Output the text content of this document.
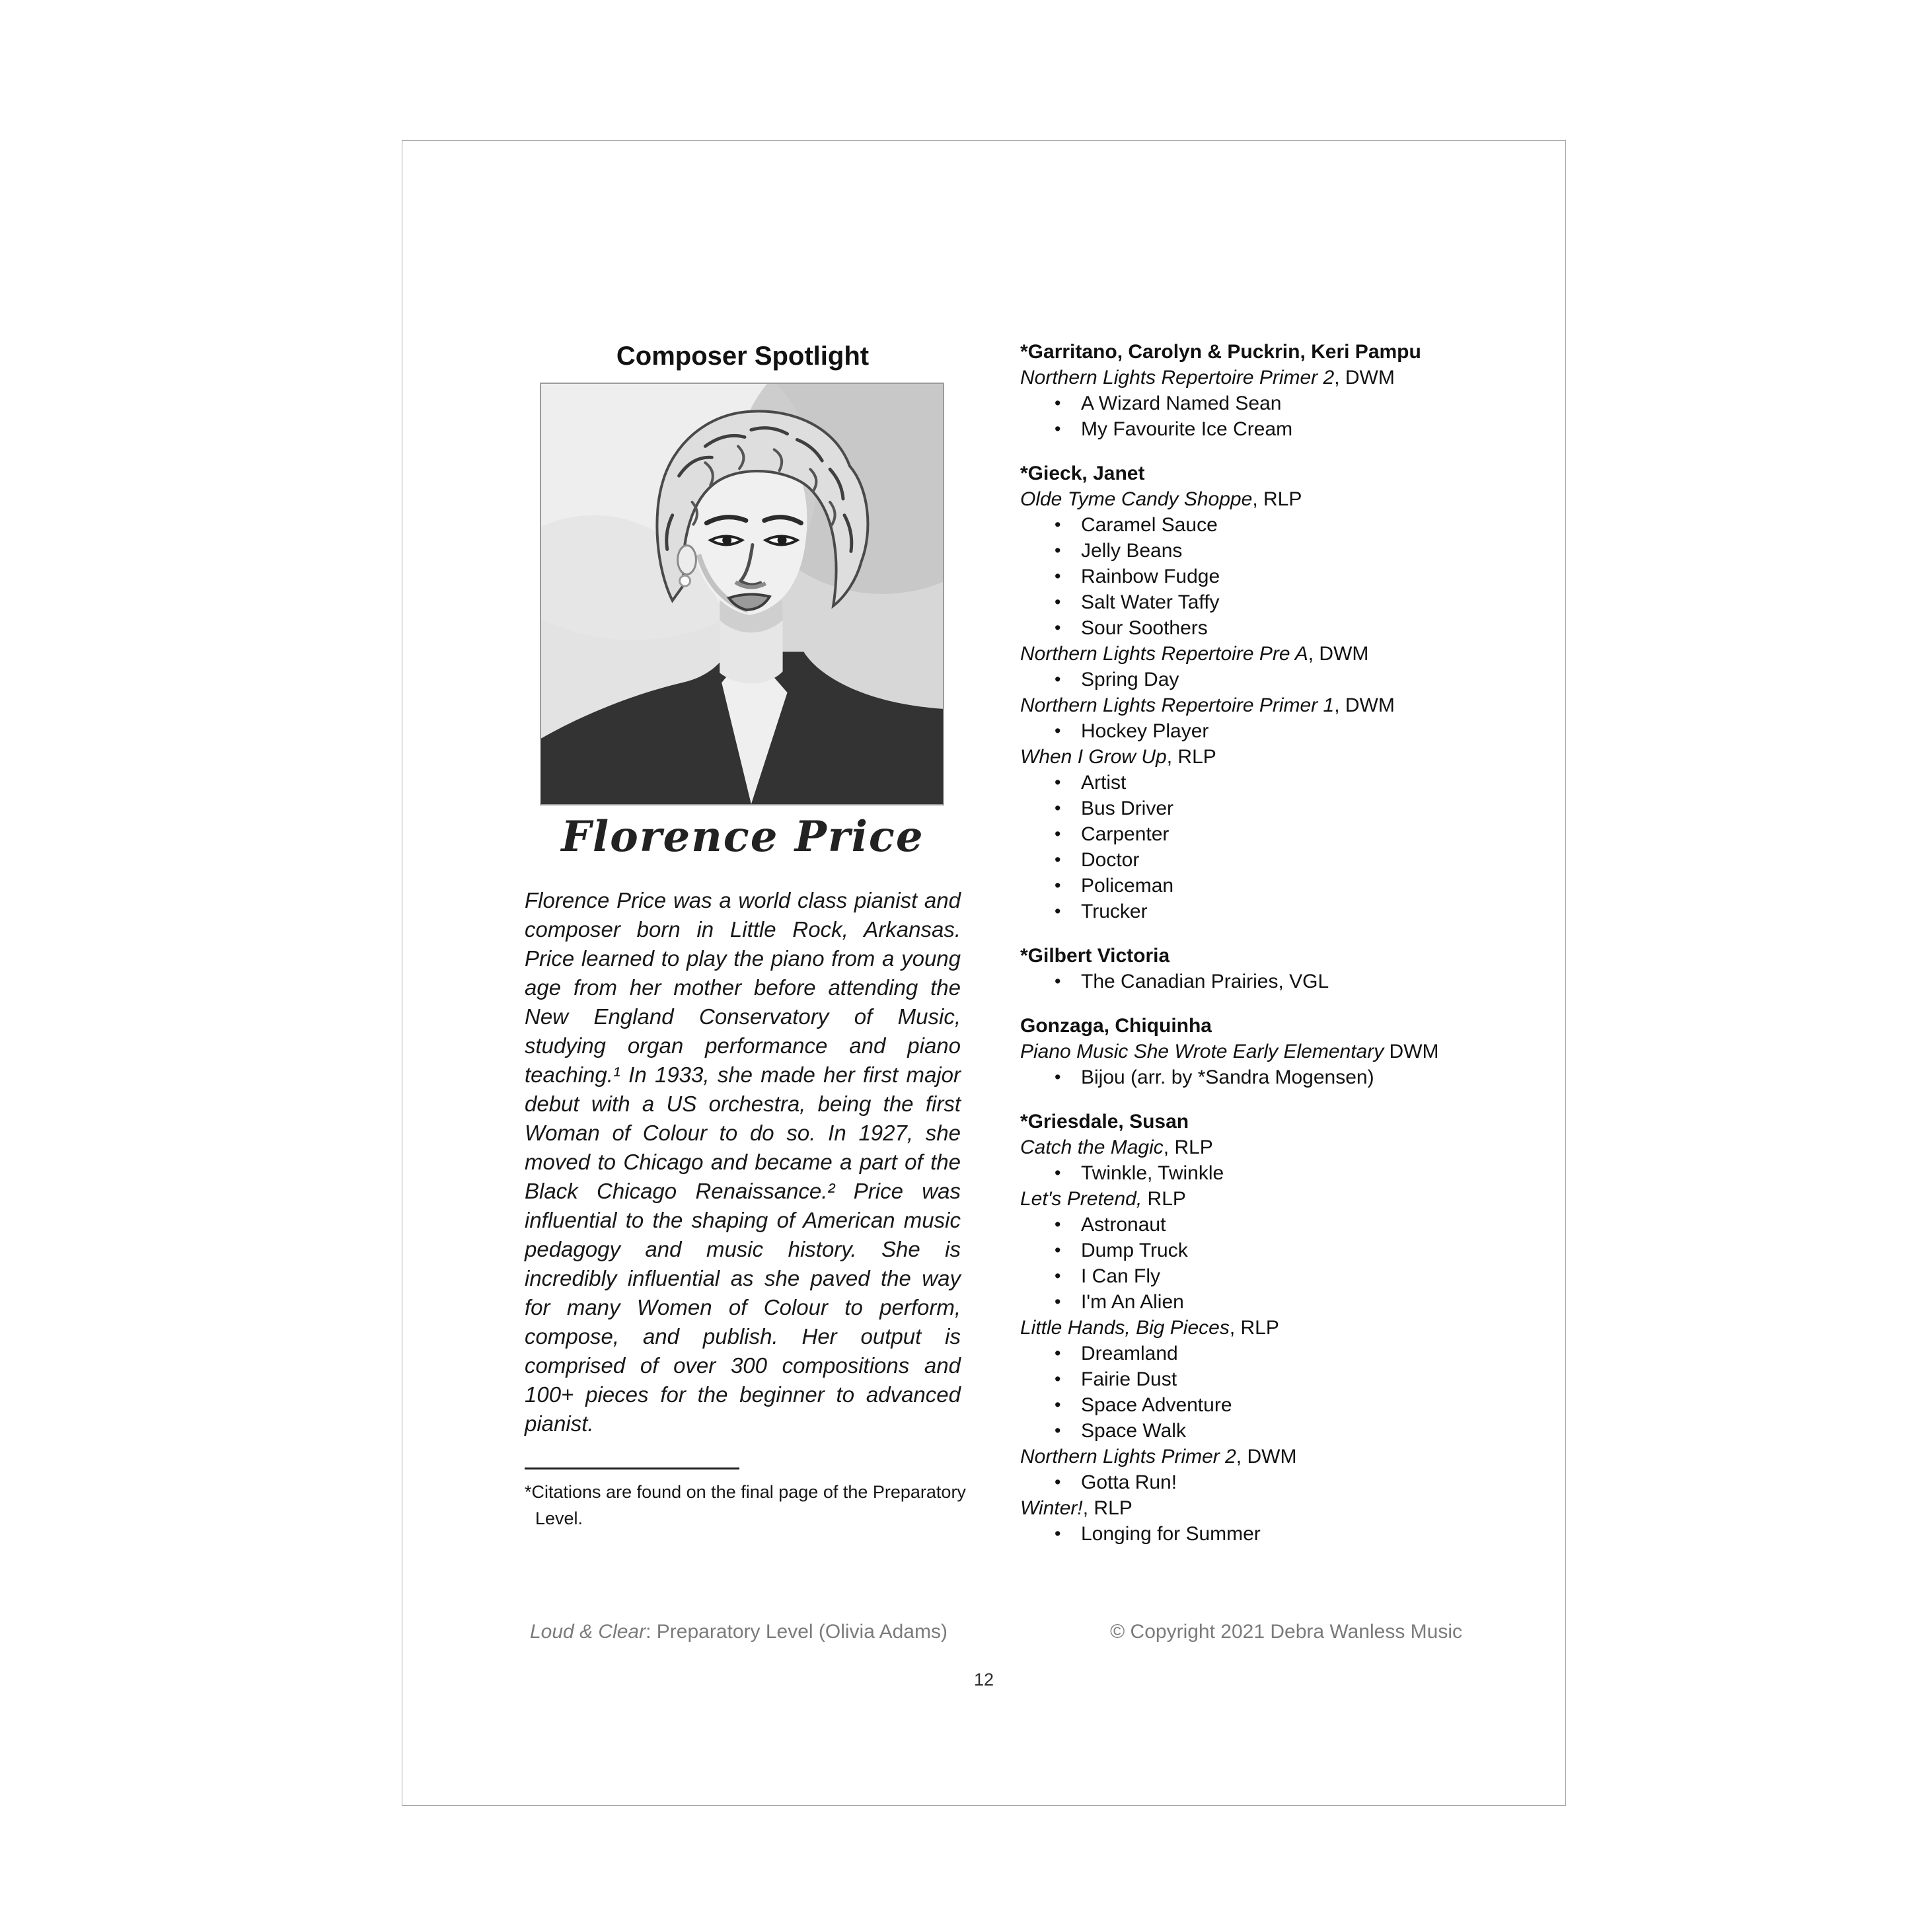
Composer Spotlight
Florence Price
Florence Price was a world class pianist and composer born in Little Rock, Arkansas. Price learned to play the piano from a young age from her mother before attending the New England Conservatory of Music, studying organ performance and piano teaching.¹ In 1933, she made her first major debut with a US orchestra, being the first Woman of Colour to do so. In 1927, she moved to Chicago and became a part of the Black Chicago Renaissance.² Price was influential to the shaping of American music pedagogy and music history. She is incredibly influential as she paved the way for many Women of Colour to perform, compose, and publish. Her output is comprised of over 300 compositions and 100+ pieces for the beginner to advanced pianist.
*Citations are found on the final page of the Preparatory Level.
*Garritano, Carolyn & Puckrin, Keri Pampu
Northern Lights Repertoire Primer 2, DWM
• A Wizard Named Sean
• My Favourite Ice Cream
*Gieck, Janet
Olde Tyme Candy Shoppe, RLP
• Caramel Sauce
• Jelly Beans
• Rainbow Fudge
• Salt Water Taffy
• Sour Soothers
Northern Lights Repertoire Pre A, DWM
• Spring Day
Northern Lights Repertoire Primer 1, DWM
• Hockey Player
When I Grow Up, RLP
• Artist
• Bus Driver
• Carpenter
• Doctor
• Policeman
• Trucker
*Gilbert Victoria
• The Canadian Prairies, VGL
Gonzaga, Chiquinha
Piano Music She Wrote Early Elementary DWM
• Bijou (arr. by *Sandra Mogensen)
*Griesdale, Susan
Catch the Magic, RLP
• Twinkle, Twinkle
Let's Pretend, RLP
• Astronaut
• Dump Truck
• I Can Fly
• I'm An Alien
Little Hands, Big Pieces, RLP
• Dreamland
• Fairie Dust
• Space Adventure
• Space Walk
Northern Lights Primer 2, DWM
• Gotta Run!
Winter!, RLP
• Longing for Summer
Loud & Clear: Preparatory Level (Olivia Adams)	© Copyright 2021 Debra Wanless Music
12
